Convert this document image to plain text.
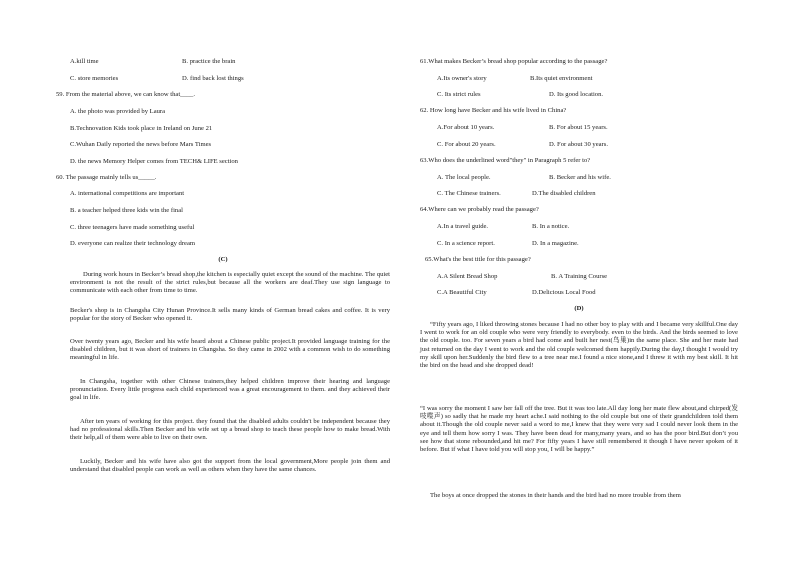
A.kill time	B. practice the brain
C. store memories	D. find back lost things
59. From the material above, we can know that____.
A. the photo was provided by Laura
B.Technovation Kids took place in Ireland on June 21
C.Wuhan Daily reported the news before Mars Times
D. the news Memory Helper comes from TECH& LIFE section
60. The passage mainly tells us_____.
A. international competitions are important
B. a teacher helped three kids win the final
C. three teenagers have made something useful
D. everyone can realize their technology dream
(C)

During work hours in Becker’s bread shop,the kitchen is especially quiet except the sound of the machine. The quiet environment is not the result of the strict rules,but because all the workers are deaf.They use sign language to communicate with each other from time to time.

Becker's shop is in Changsha City Hunan Province.It sells many kinds of German bread cakes and coffee. It is very popular for the story of Becker who opened it.

Over twenty years ago, Becker and his wife heard about a Chinese public project.It provided language training for the disabled children, but it was short of trainers in Changsha. So they came in 2002 with a common wish to do something meaningful in life.

In Changsha, together with other Chinese trainers,they helped children improve their hearing and language pronunciation. Every little progress each child experienced was a great encouragement to them. and they achieved their goal in life.

After ten years of working for this project. they found that the disabled adults couldn't be independent because they had no professional skills.Then Becker and his wife set up a bread shop to teach these people how to make bread.With their help,all of them were able to live on their own.

Luckily, Becker and his wife have also got the support from the local government,More people join them and understand that disabled people can work as well as others when they have the same chances.

61.What makes Becker’s bread shop popular according to the passage?
A.Its owner's story	B.Its quiet environment
C. Its strict rules	D. Its good location.
62. How long have Becker and his wife lived in China?
A.For about 10 years.	B. For about 15 years.
C. For about 20 years.	D. For about 30 years.
63.Who does the underlined word"they" in Paragraph 5 refer to?
A. The local people.	B. Becker and his wife.
C. The Chinese trainers.	D.The disabled children
64.Where can we probably read the passage?
A.In a travel guide.	B. In a notice.
C. In a science report.	D. In a magazine.
65.What's the best title for this passage?
A.A Silent Bread Shop	B. A Training Course
C.A Beautiful City	D.Delicious Local Food
(D)

“Fifty years ago, I liked throwing stones because I had no other boy to play with and I became very skillful.One day I went to work for an old couple who were very friendly to everybody. even to the birds. And the birds seemed to love the old couple. too. For seven years a bird had come and built her nest(鸟巢)in the same place. She and her mate had just returned on the day I went to work and the old couple welcomed them happily.During the day,I thought I would try my skill upon her.Suddenly the bird flew to a tree near me.I found a nice stone,and I threw it with my best skill. It hit the bird on the head and she dropped dead!

“I was sorry the moment I saw her fall off the tree. But it was too late.All day long her mate flew about,and chirped(发吱喋声) so sadly that he made my heart ache.I said nothing to the old couple but one of their grandchildren told them about it.Though the old couple never said a word to me,I knew that they were very sad I could never look them in the eye and tell them how sorry I was. They have been dead for many,many years, and so has the poor bird.But don’t you see how that stone rebounded,and hit me? For fifty years I have still remembered it though I have never spoken of it before. But if what I have told you will stop you, I will be happy.”

The boys at once dropped the stones in their hands and the bird had no more trouble from them
